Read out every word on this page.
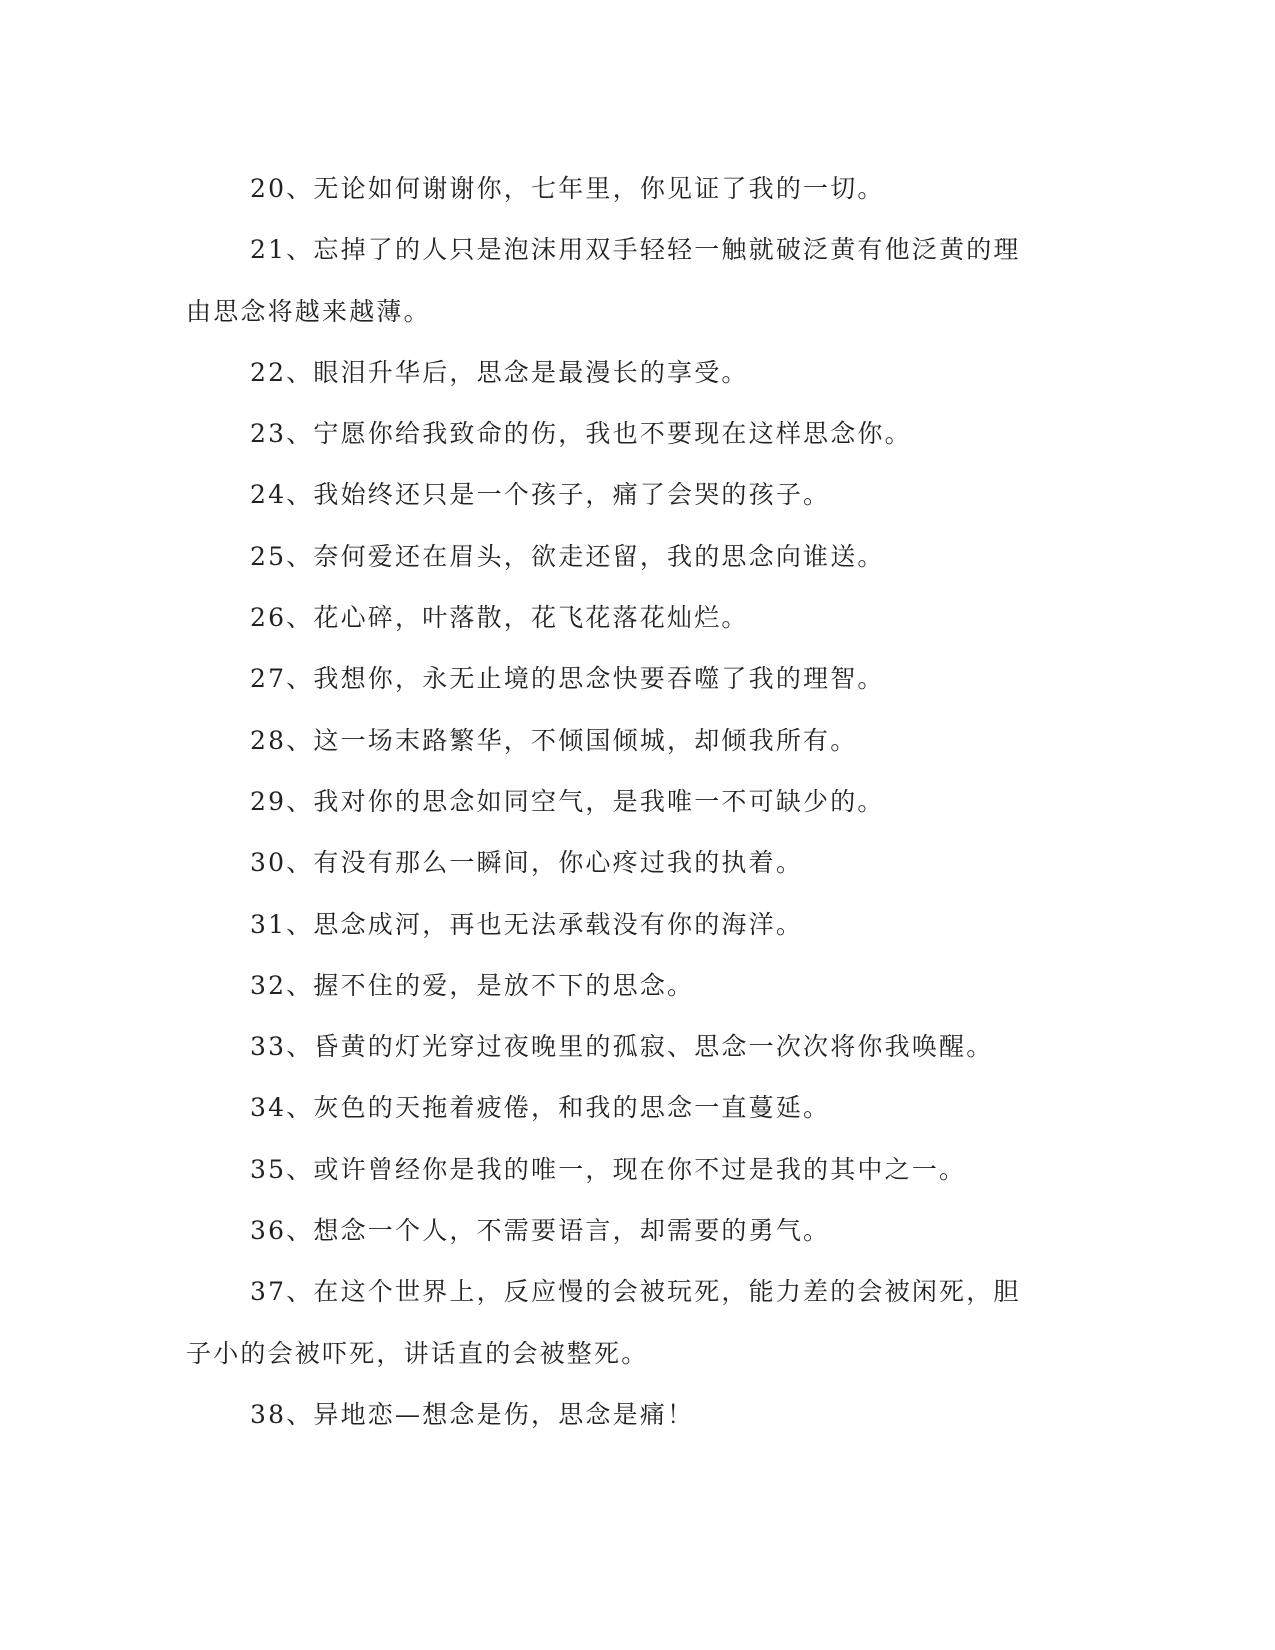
20、无论如何谢谢你，七年里，你见证了我的一切。

21、忘掉了的人只是泡沫用双手轻轻一触就破泛黄有他泛黄的理由思念将越来越薄。

22、眼泪升华后，思念是最漫长的享受。

23、宁愿你给我致命的伤，我也不要现在这样思念你。

24、我始终还只是一个孩子，痛了会哭的孩子。

25、奈何爱还在眉头，欲走还留，我的思念向谁送。

26、花心碎，叶落散，花飞花落花灿烂。

27、我想你，永无止境的思念快要吞噬了我的理智。

28、这一场末路繁华，不倾国倾城，却倾我所有。

29、我对你的思念如同空气，是我唯一不可缺少的。

30、有没有那么一瞬间，你心疼过我的执着。

31、思念成河，再也无法承载没有你的海洋。

32、握不住的爱，是放不下的思念。

33、昏黄的灯光穿过夜晚里的孤寂、思念一次次将你我唤醒。

34、灰色的天拖着疲倦，和我的思念一直蔓延。

35、或许曾经你是我的唯一，现在你不过是我的其中之一。

36、想念一个人，不需要语言，却需要的勇气。

37、在这个世界上，反应慢的会被玩死，能力差的会被闲死，胆子小的会被吓死，讲话直的会被整死。

38、异地恋—想念是伤，思念是痛！
